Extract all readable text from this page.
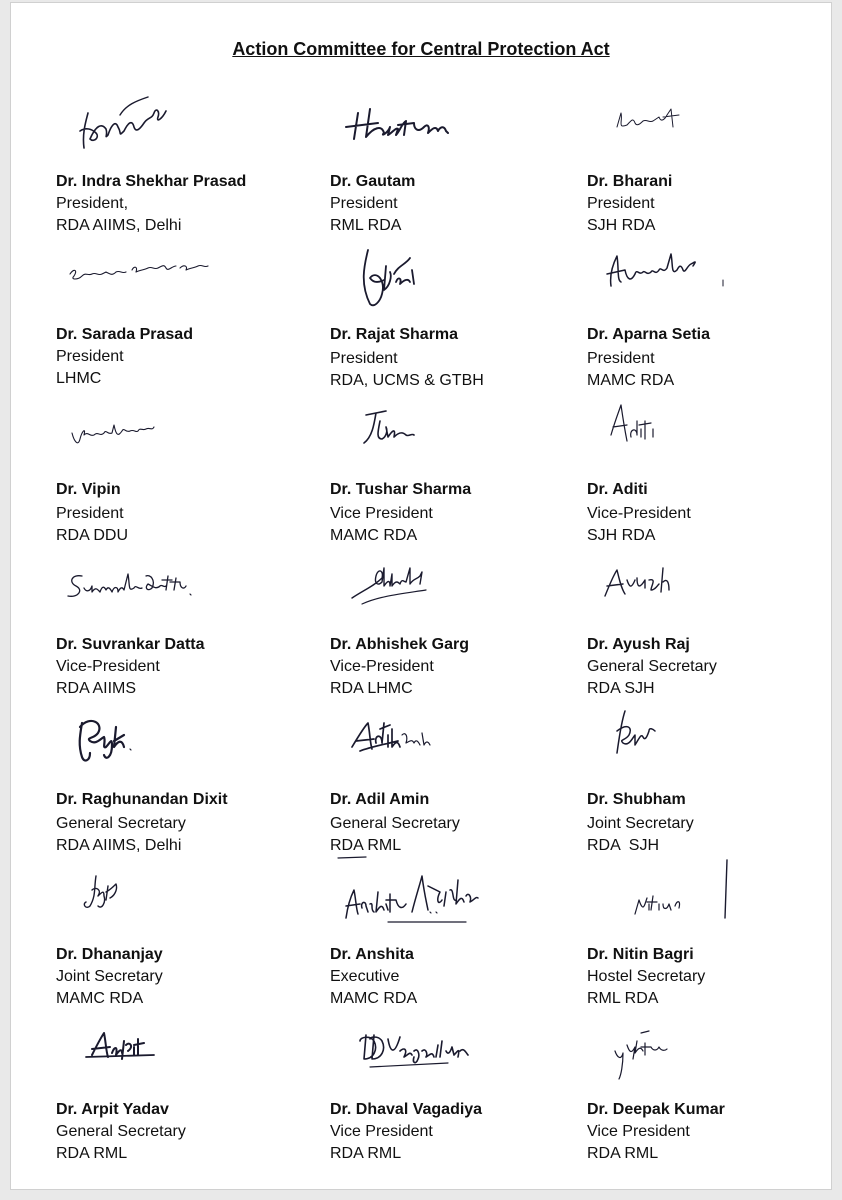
Action Committee for Central Protection Act
Dr. Indra Shekhar Prasad
President,
RDA AIIMS, Delhi
Dr. Gautam
President
RML RDA
Dr. Bharani
President
SJH RDA
Dr. Sarada Prasad
President
LHMC
Dr. Rajat Sharma
President
RDA, UCMS & GTBH
Dr. Aparna Setia
President
MAMC RDA
Dr. Vipin
President
RDA DDU
Dr. Tushar Sharma
Vice President
MAMC RDA
Dr. Aditi
Vice-President
SJH RDA
Dr. Suvrankar Datta
Vice-President
RDA AIIMS
Dr. Abhishek Garg
Vice-President
RDA LHMC
Dr. Ayush Raj
General Secretary
RDA SJH
Dr. Raghunandan Dixit
General Secretary
RDA AIIMS, Delhi
Dr. Adil Amin
General Secretary
RDA RML
Dr. Shubham
Joint Secretary
RDA  SJH
Dr. Dhananjay
Joint Secretary
MAMC RDA
Dr. Anshita
Executive
MAMC RDA
Dr. Nitin Bagri
Hostel Secretary
RML RDA
Dr. Arpit Yadav
General Secretary
RDA RML
Dr. Dhaval Vagadiya
Vice President
RDA RML
Dr. Deepak Kumar
Vice President
RDA RML
